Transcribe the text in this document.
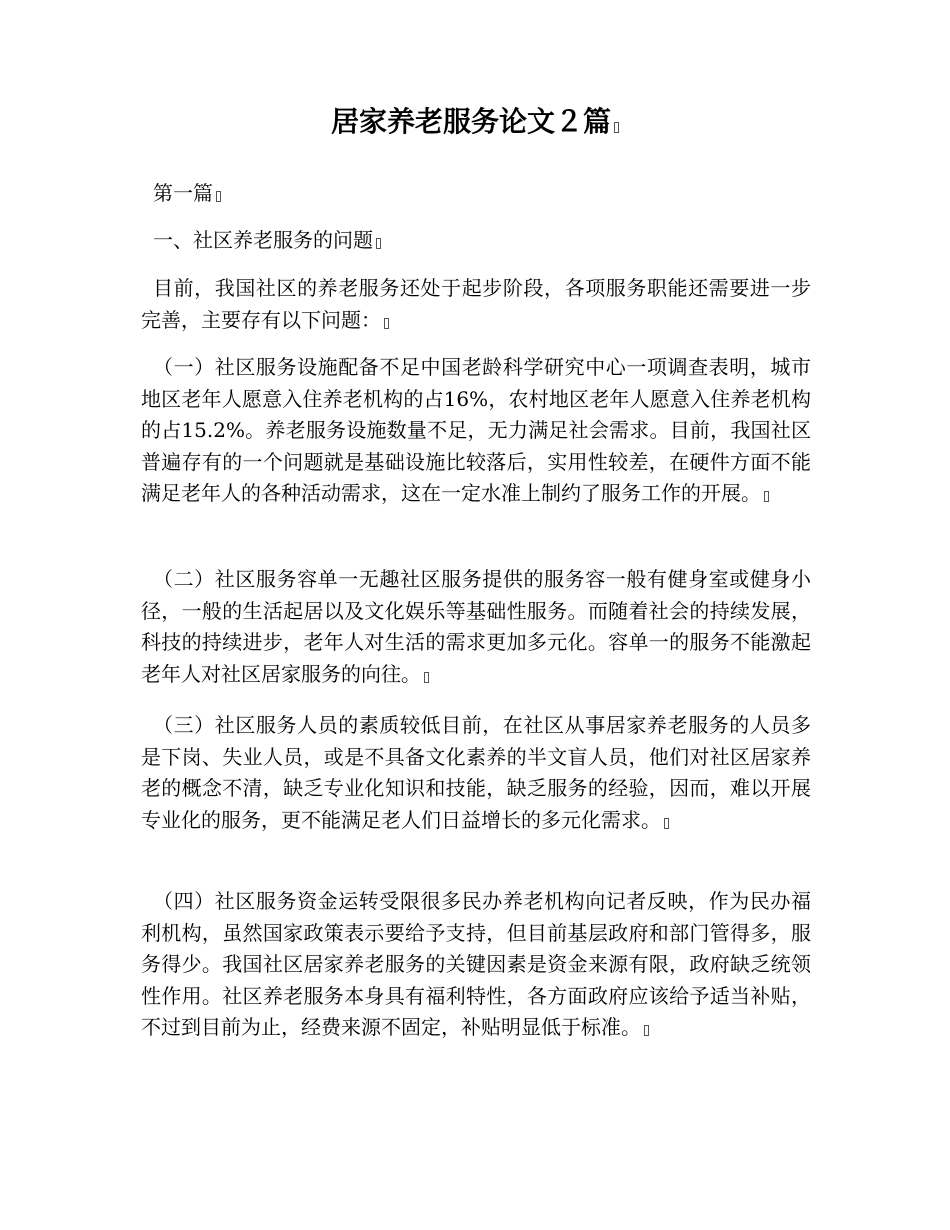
居家养老服务论文２篇

第一篇

一、社区养老服务的问题

目前，我国社区的养老服务还处于起步阶段，各项服务职能还需要进一步完善，主要存有以下问题：

（一）社区服务设施配备不足中国老龄科学研究中心一项调查表明，城市地区老年人愿意入住养老机构的占16%，农村地区老年人愿意入住养老机构的占15.2%。养老服务设施数量不足，无力满足社会需求。目前，我国社区普遍存有的一个问题就是基础设施比较落后，实用性较差，在硬件方面不能满足老年人的各种活动需求，这在一定水准上制约了服务工作的开展。

（二）社区服务容单一无趣社区服务提供的服务容一般有健身室或健身小径，一般的生活起居以及文化娱乐等基础性服务。而随着社会的持续发展，科技的持续进步，老年人对生活的需求更加多元化。容单一的服务不能激起老年人对社区居家服务的向往。

（三）社区服务人员的素质较低目前，在社区从事居家养老服务的人员多是下岗、失业人员，或是不具备文化素养的半文盲人员，他们对社区居家养老的概念不清，缺乏专业化知识和技能，缺乏服务的经验，因而，难以开展专业化的服务，更不能满足老人们日益增长的多元化需求。

（四）社区服务资金运转受限很多民办养老机构向记者反映，作为民办福利机构，虽然国家政策表示要给予支持，但目前基层政府和部门管得多，服务得少。我国社区居家养老服务的关键因素是资金来源有限，政府缺乏统领性作用。社区养老服务本身具有福利特性，各方面政府应该给予适当补贴，不过到目前为止，经费来源不固定，补贴明显低于标准。
